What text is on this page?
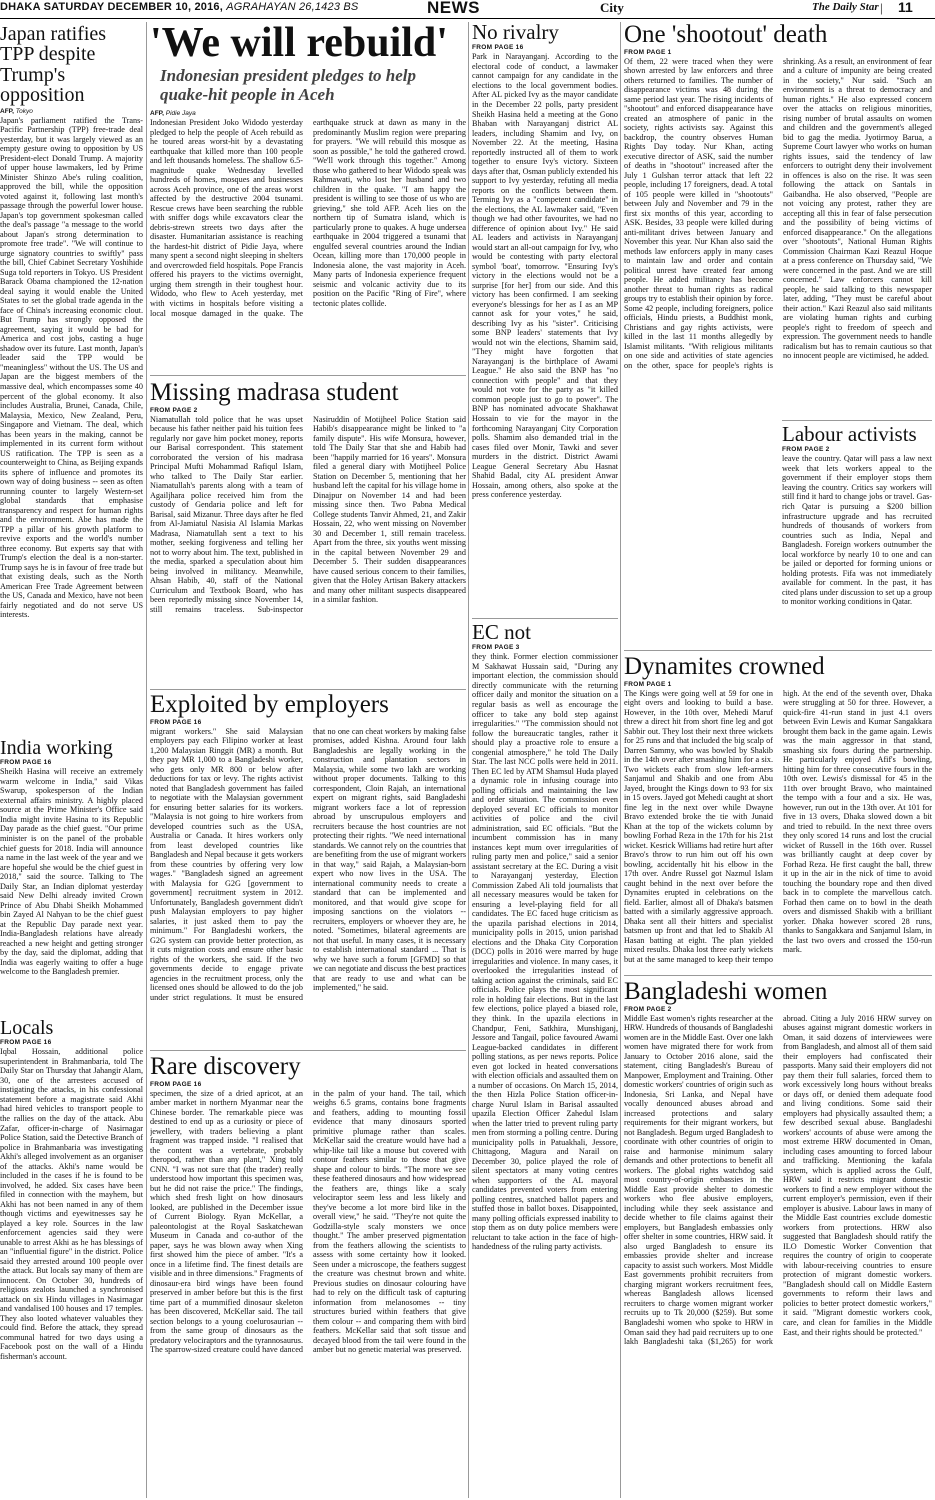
DHAKA SATURDAY DECEMBER 10, 2016, AGRAHAYAN 26,1423 BS	NEWS	City	The Daily Star | 11
Japan ratifies TPP despite Trump's opposition
AFP, Tokyo
Japan's parliament ratified the Trans-Pacific Partnership (TPP) free-trade deal yesterday, but it was largely viewed as an empty gesture owing to opposition by US President-elect Donald Trump. A majority of upper house lawmakers, led by Prime Minister Shinzo Abe's ruling coalition, approved the bill, while the opposition voted against it, following last month's passage through the powerful lower house. Japan's top government spokesman called the deal's passage "a message to the world about Japan's strong determination to promote free trade". "We will continue to urge signatory countries to swiftly" pass the bill, Chief Cabinet Secretary Yoshihide Suga told reporters in Tokyo. US President Barack Obama championed the 12-nation deal saying it would enable the United States to set the global trade agenda in the face of China's increasing economic clout. But Trump has strongly opposed the agreement, saying it would be bad for America and cost jobs, casting a huge shadow over its future. Last month, Japan's leader said the TPP would be "meaningless" without the US. The US and Japan are the biggest members of the massive deal, which encompasses some 40 percent of the global economy. It also includes Australia, Brunei, Canada, Chile, Malaysia, Mexico, New Zealand, Peru, Singapore and Vietnam. The deal, which has been years in the making, cannot be implemented in its current form without US ratification. The TPP is seen as a counterweight to China, as Beijing expands its sphere of influence and promotes its own way of doing business -- seen as often running counter to largely Western-set global standards that emphasise transparency and respect for human rights and the environment. Abe has made the TPP a pillar of his growth platform to revive exports and the world's number three economy. But experts say that with Trump's election the deal is a non-starter. Trump says he is in favour of free trade but that existing deals, such as the North American Free Trade Agreement between the US, Canada and Mexico, have not been fairly negotiated and do not serve US interests.
India working
FROM PAGE 16
Sheikh Hasina will receive an extremely warm welcome in India," said Vikas Swarup, spokesperson of the Indian external affairs ministry. A highly placed source at the Prime Minister's Office said India might invite Hasina to its Republic Day parade as the chief guest. "Our prime minister is on the panel of the probable chief guests for 2018. India will announce a name in the last week of the year and we are hopeful she would be the chief guest in 2018," said the source. Talking to The Daily Star, an Indian diplomat yesterday said New Delhi already invited Crown Prince of Abu Dhabi Sheikh Mohammed bin Zayed Al Nahyan to be the chief guest at the Republic Day parade next year. India-Bangladesh relations have already reached a new height and getting stronger by the day, said the diplomat, adding that India was eagerly waiting to offer a huge welcome to the Bangladesh premier.
Locals
FROM PAGE 16
Iqbal Hossain, additional police superintendent in Brahmanbaria, told The Daily Star on Thursday that Jahangir Alam, 30, one of the arrestees accused of instigating the attacks, in his confessional statement before a magistrate said Akhi had hired vehicles to transport people to the rallies on the day of the attack. Abu Zafar, officer-in-charge of Nasirnagar Police Station, said the Detective Branch of police in Brahmanbaria was investigating Akhi's alleged involvement as an organiser of the attacks. Akhi's name would be included in the cases if he is found to be involved, he added. Six cases have been filed in connection with the mayhem, but Akhi has not been named in any of them though victims and eyewitnesses say he played a key role. Sources in the law enforcement agencies said they were unable to arrest Akhi as he has blessings of an "influential figure" in the district. Police said they arrested around 100 people over the attack. But locals say many of them are innocent. On October 30, hundreds of religious zealots launched a synchronised attack on six Hindu villages in Nasirnagar and vandalised 100 houses and 17 temples. They also looted whatever valuables they could find. Before the attack, they spread communal hatred for two days using a Facebook post on the wall of a Hindu fisherman's account.
'We will rebuild'
Indonesian president pledges to help quake-hit people in Aceh
AFP, Pidie Jaya
Indonesian President Joko Widodo yesterday pledged to help the people of Aceh rebuild as he toured areas worst-hit by a devastating earthquake that killed more than 100 people and left thousands homeless. The shallow 6.5-magnitude quake Wednesday levelled hundreds of homes, mosques and businesses across Aceh province, one of the areas worst affected by the destructive 2004 tsunami. Rescue crews have been searching the rubble with sniffer dogs while excavators clear the debris-strewn streets two days after the disaster. Humanitarian assistance is reaching the hardest-hit district of Pidie Jaya, where many spent a second night sleeping in shelters and overcrowded field hospitals. Pope Francis offered his prayers to the victims overnight, urging them strength in their toughest hour. Widodo, who flew to Aceh yesterday, met with victims in hospitals before visiting a local mosque damaged in the quake. The earthquake struck at dawn as many in the predominantly Muslim region were preparing for prayers. "We will rebuild this mosque as soon as possible," he told the gathered crowd. "We'll work through this together." Among those who gathered to hear Widodo speak was Rahmawati, who lost her husband and two children in the quake. "I am happy the president is willing to see those of us who are grieving," she told AFP. Aceh lies on the northern tip of Sumatra island, which is particularly prone to quakes. A huge undersea earthquake in 2004 triggered a tsunami that engulfed several countries around the Indian Ocean, killing more than 170,000 people in Indonesia alone, the vast majority in Aceh. Many parts of Indonesia experience frequent seismic and volcanic activity due to its position on the Pacific "Ring of Fire", where tectonic plates collide.
Missing madrasa student
FROM PAGE 2
Niamatullah told police that he was upset because his father neither paid his tuition fees regularly nor gave him pocket money, reports our Barisal correspondent. This statement corroborated the version of his madrasa Principal Mufti Mohammad Rafiqul Islam, who talked to The Daily Star earlier. Niamatullah's parents along with a team of Agailjhara police received him from the custody of Gendaria police and left for Barisal, said Mizanur. Three days after he fled from Al-Jamiatul Nasisia Al Islamia Markas Madrasa, Niamatullah sent a text to his mother, seeking forgiveness and telling her not to worry about him. The text, published in the media, sparked a speculation about him being involved in militancy. Meanwhile, Ahsan Habib, 40, staff of the National Curriculum and Textbook Board, who has been reportedly missing since November 14, still remains traceless. Sub-inspector Nasiruddin of Motijheel Police Station said Habib's disappearance might be linked to "a family dispute". His wife Monsura, however, told The Daily Star that she and Habib had been "happily married for 16 years". Monsura filed a general diary with Motijheel Police Station on December 5, mentioning that her husband left the capital for his village home in Dinajpur on November 14 and had been missing since then. Two Pabna Medical College students Tanvir Ahmed, 21, and Zakir Hossain, 22, who went missing on November 30 and December 1, still remain traceless. Apart from the three, six youths went missing in the capital between November 29 and December 5. Their sudden disappearances have caused serious concern to their families, given that the Holey Artisan Bakery attackers and many other militant suspects disappeared in a similar fashion.
Exploited by employers
FROM PAGE 16
migrant workers." She said Malaysian employers pay each Filipino worker at least 1,200 Malaysian Ringgit (MR) a month. But they pay MR 1,000 to a Bangladeshi worker, who gets only MR 800 or below after deductions for tax or levy. The rights activist noted that Bangladesh government has failed to negotiate with the Malaysian government for ensuring better salaries for its workers. "Malaysia is not going to hire workers from developed countries such as the USA, Australia or Canada. It hires workers only from least developed countries like Bangladesh and Nepal because it gets workers from these countries by offering very low wages." "Bangladesh signed an agreement with Malaysia for G2G [government to government] recruitment system in 2012. Unfortunately, Bangladesh government didn't push Malaysian employers to pay higher salaries, it just asked them to pay the minimum." For Bangladeshi workers, the G2G system can provide better protection, as it cuts migration costs and ensure other basic rights of the workers, she said. If the two governments decide to engage private agencies in the recruitment process, only the licensed ones should be allowed to do the job under strict regulations. It must be ensured that no one can cheat workers by making false promises, added Kishna. Around four lakh Bangladeshis are legally working in the construction and plantation sectors in Malaysia, while some two lakh are working without proper documents. Talking to this correspondent, Cloin Rajah, an international expert on migrant rights, said Bangladeshi migrant workers face a lot of repression abroad by unscrupulous employers and recruiters because the host countries are not protecting their rights. "We need international standards. We cannot rely on the countries that are benefiting from the use of migrant workers in that way," said Rajah, a Malaysian-born expert who now lives in the USA. The international community needs to create a standard that can be implemented and monitored, and that would give scope for imposing sanctions on the violators -- recruiters, employers or whoever they are, he noted. "Sometimes, bilateral agreements are not that useful. In many cases, it is necessary to establish international standard ... That is why we have such a forum [GFMD] so that we can negotiate and discuss the best practices that are ready to use and what can be implemented," he said.
Rare discovery
FROM PAGE 16
specimen, the size of a dried apricot, at an amber market in northern Myanmar near the Chinese border. The remarkable piece was destined to end up as a curiosity or piece of jewellery, with traders believing a plant fragment was trapped inside. "I realised that the content was a vertebrate, probably theropod, rather than any plant," Xing told CNN. "I was not sure that (the trader) really understood how important this specimen was, but he did not raise the price." The findings, which shed fresh light on how dinosaurs looked, are published in the December issue of Current Biology. Ryan McKellar, a paleontologist at the Royal Saskatchewan Museum in Canada and co-author of the paper, says he was blown away when Xing first showed him the piece of amber. "It's a once in a lifetime find. The finest details are visible and in three dimensions." Fragments of dinosaur-era bird wings have been found preserved in amber before but this is the first time part of a mummified dinosaur skeleton has been discovered, McKellar said. The tail section belongs to a young coelurosaurian -- from the same group of dinosaurs as the predatory velociraptors and the tyrannosaurus. The sparrow-sized creature could have danced in the palm of your hand. The tail, which weighs 6.5 grams, contains bone fragments and feathers, adding to mounting fossil evidence that many dinosaurs sported primitive plumage rather than scales. McKellar said the creature would have had a whip-like tail like a mouse but covered with contour feathers similar to those that give shape and colour to birds. "The more we see these feathered dinosaurs and how widespread the feathers are, things like a scaly velociraptor seem less and less likely and they've become a lot more bird like in the overall view," he said. "They're not quite the Godzilla-style scaly monsters we once thought." The amber preserved pigmentation from the feathers allowing the scientists to assess with some certainty how it looked. Seen under a microscope, the feathers suggest the creature was chestnut brown and white. Previous studies on dinosaur colouring have had to rely on the difficult task of capturing information from melanosomes -- tiny structures buried within feathers that give them colour -- and comparing them with bird feathers. McKellar said that soft tissue and decayed blood from the tail were found in the amber but no genetic material was preserved.
No rivalry
FROM PAGE 16
Park in Narayanganj. According to the electoral code of conduct, a lawmaker cannot campaign for any candidate in the elections to the local government bodies. After AL picked Ivy as the mayor candidate in the December 22 polls, party president Sheikh Hasina held a meeting at the Gono Bhaban with Narayanganj district AL leaders, including Shamim and Ivy, on November 22. At the meeting, Hasina reportedly instructed all of them to work together to ensure Ivy's victory. Sixteen days after that, Osman publicly extended his support to Ivy yesterday, refuting all media reports on the conflicts between them. Terming Ivy as a "competent candidate" in the elections, the AL lawmaker said, "Even though we had other favourites, we had no difference of opinion about Ivy." He said AL leaders and activists in Narayanganj would start an all-out campaign for Ivy, who would be contesting with party electoral symbol 'boat', tomorrow. "Ensuring Ivy's victory in the elections would not be a surprise [for her] from our side. And this victory has been confirmed. I am seeking everyone's blessings for her as I as an MP cannot ask for your votes," he said, describing Ivy as his "sister". Criticising some BNP leaders' statements that Ivy would not win the elections, Shamim said, "They might have forgotten that Narayanganj is the birthplace of Awami League." He also said the BNP has "no connection with people" and that they would not vote for the party as "it killed common people just to go to power". The BNP has nominated advocate Shakhawat Hossain to vie for the mayor in the forthcoming Narayanganj City Corporation polls. Shamim also demanded trial in the cases filed over Monir, Tawki and sever murders in the district. District Awami League General Secretary Abu Hasnat Shahid Badal, city AL president Anwar Hossain, among others, also spoke at the press conference yesterday.
EC not
FROM PAGE 3
they think. Former election commissioner M Sakhawat Hussain said, "During any important election, the commission should directly communicate with the returning officer daily and monitor the situation on a regular basis as well as encourage the officer to take any bold step against irregularities." "The commission should not follow the bureaucratic tangles, rather it should play a proactive role to ensure a congenial atmosphere," he told The Daily Star. The last NCC polls were held in 2011. Then EC led by ATM Shamsul Huda played a dynamic role in infusing courage into polling officials and maintaining the law and order situation. The commission even deployed several EC officials to monitor activities of police and the civil administration, said EC officials. "But the incumbent commission has in many instances kept mum over irregularities of ruling party men and police," said a senior assistant secretary at the EC. During a visit to Narayanganj yesterday, Election Commission Zabed Ali told journalists that all necessary measures would be taken for ensuring a level-playing field for all candidates. The EC faced huge criticism as the upazila parishad elections in 2014, municipality polls in 2015, union parishad elections and the Dhaka City Corporation (DCC) polls in 2016 were marred by huge irregularities and violence. In many cases, it overlooked the irregularities instead of taking action against the criminals, said EC officials. Police plays the most significant role in holding fair elections. But in the last few elections, police played a biased role, they think. In the upazila elections in Chandpur, Feni, Satkhira, Munshiganj, Jessore and Tangail, police favoured Awami League-backed candidates in different polling stations, as per news reports. Police even got locked in heated conversations with election officials and assaulted them on a number of occasions. On March 15, 2014, the then Hizla Police Station officer-in-charge Nurul Islam in Barisal assaulted upazila Election Officer Zahedul Islam when the latter tried to prevent ruling party men from storming a polling centre. During municipality polls in Patuakhali, Jessore, Chittagong, Magura and Narail on December 30, police played the role of silent spectators at many voting centres when supporters of the AL mayoral candidates prevented voters from entering polling centres, snatched ballot papers and stuffed those in ballot boxes. Disappointed, many polling officials expressed inability to stop them as on duty police members were reluctant to take action in the face of high-handedness of the ruling party activists.
One 'shootout' death
FROM PAGE 1
Of them, 22 were traced when they were shown arrested by law enforcers and three others returned to families. The number of disappearance victims was 48 during the same period last year. The rising incidents of "shootout" and enforced disappearance have created an atmosphere of panic in the society, rights activists say. Against this backdrop, the country observes Human Rights Day today. Nur Khan, acting executive director of ASK, said the number of deaths in "shootout" increased after the July 1 Gulshan terror attack that left 22 people, including 17 foreigners, dead. A total of 105 people were killed in "shootouts" between July and November and 79 in the first six months of this year, according to ASK. Besides, 33 people were killed during anti-militant drives between January and November this year. Nur Khan also said the methods law enforcers apply in many cases to maintain law and order and contain political unrest have created fear among people. He added militancy has become another threat to human rights as radical groups try to establish their opinion by force. Some 42 people, including foreigners, police officials, Hindu priests, a Buddhist monk, Christians and gay rights activists, were killed in the last 11 months allegedly by Islamist militants. "With religious militants on one side and activities of state agencies on the other, space for people's rights is shrinking. As a result, an environment of fear and a culture of impunity are being created in the society," Nur said. "Such an environment is a threat to democracy and human rights." He also expressed concern over the attacks on religious minorities, rising number of brutal assaults on women and children and the government's alleged bid to gag the media. Jyotirmoy Barua, a Supreme Court lawyer who works on human rights issues, said the tendency of law enforcers to outright deny their involvement in offences is also on the rise. It was seen following the attack on Santals in Gaibandha. He also observed, "People are not voicing any protest, rather they are accepting all this in fear of false persecution and the possibility of being victims of enforced disappearance." On the allegations over "shootouts", National Human Rights Commission Chairman Kazi Reazul Hoque at a press conference on Thursday said, "We were concerned in the past. And we are still concerned." Law enforcers cannot kill people, he said talking to this newspaper later, adding, "They must be careful about their action." Kazi Reazul also said militants are violating human rights and curbing people's right to freedom of speech and expression. The government needs to handle radicalism but has to remain cautious so that no innocent people are victimised, he added.
Labour activists
FROM PAGE 2
leave the country. Qatar will pass a law next week that lets workers appeal to the government if their employer stops them leaving the country. Critics say workers will still find it hard to change jobs or travel. Gas-rich Qatar is pursuing a $200 billion infrastructure upgrade and has recruited hundreds of thousands of workers from countries such as India, Nepal and Bangladesh. Foreign workers outnumber the local workforce by nearly 10 to one and can be jailed or deported for forming unions or holding protests. Fifa was not immediately available for comment. In the past, it has cited plans under discussion to set up a group to monitor working conditions in Qatar.
Dynamites crowned
FROM PAGE 1
The Kings were going well at 59 for one in eight overs and looking to build a base. However, in the 10th over, Mehedi Maruf threw a direct hit from short fine leg and got Sabbir out. They lost their next three wickets for 25 runs and that included the big scalp of Darren Sammy, who was bowled by Shakib in the 14th over after smashing him for a six. Two wickets each from slow left-armers Sanjamul and Shakib and one from Abu Jayed, brought the Kings down to 93 for six in 15 overs. Jayed got Mehedi caught at short fine leg in the next over while Dwayne Bravo extended broke the tie with Junaid Khan at the top of the wickets column by bowling Forhad Reza in the 17th for his 21st wicket. Kesrick Williams had retire hurt after Bravo's throw to run him out off his own bowling, accidentally hit his elbow in the 17th over. Andre Russel got Nazmul Islam caught behind in the next over before the Dynamites erupted in celebrations on the field. Earlier, almost all of Dhaka's batsmen batted with a similarly aggressive approach. Dhaka sent all their hitters and specialist batsmen up front and that led to Shakib Al Hasan batting at eight. The plan yielded mixed results. Dhaka lost three early wickets but at the same managed to keep their tempo high. At the end of the seventh over, Dhaka were struggling at 50 for three. However, a quick-fire 41-run stand in just 4.1 overs between Evin Lewis and Kumar Sangakkara brought them back in the game again. Lewis was the main aggressor in that stand, smashing six fours during the partnership. He particularly enjoyed Afif's bowling, hitting him for three consecutive fours in the 10th over. Lewis's dismissal for 45 in the 11th over brought Bravo, who maintained the tempo with a four and a six. He was, however, run out in the 13th over. At 101 for five in 13 overs, Dhaka slowed down a bit and tried to rebuild. In the next three overs they only scored 14 runs and lost the crucial wicket of Russell in the 16th over. Russel was brilliantly caught at deep cover by Forhad Reza. He first caught the ball, threw it up in the air in the nick of time to avoid touching the boundary rope and then dived back in to complete the marvellous catch. Forhad then came on to bowl in the death overs and dismissed Shakib with a brilliant yorker. Dhaka however scored 28 runs, thanks to Sangakkara and Sanjamul Islam, in the last two overs and crossed the 150-run mark.
Bangladeshi women
FROM PAGE 2
Middle East women's rights researcher at the HRW. Hundreds of thousands of Bangladeshi women are in the Middle East. Over one lakh women have migrated there for work from January to October 2016 alone, said the statement, citing Bangladesh's Bureau of Manpower, Employment and Training. Other domestic workers' countries of origin such as Indonesia, Sri Lanka, and Nepal have vocally denounced abuses abroad and increased protections and salary requirements for their migrant workers, but not Bangladesh. Begum urged Bangladesh to coordinate with other countries of origin to raise and harmonise minimum salary demands and other protections to benefit all workers. The global rights watchdog said most country-of-origin embassies in the Middle East provide shelter to domestic workers who flee abusive employers, including while they seek assistance and decide whether to file claims against their employers, but Bangladesh embassies only offer shelter in some countries, HRW said. It also urged Bangladesh to ensure its embassies provide shelter and increase capacity to assist such workers. Most Middle East governments prohibit recruiters from charging migrant workers recruitment fees, whereas Bangladesh allows licensed recruiters to charge women migrant worker recruits up to Tk 20,000 ($259). But some Bangladeshi women who spoke to HRW in Oman said they had paid recruiters up to one lakh Bangladeshi taka ($1,265) for work abroad. Citing a July 2016 HRW survey on abuses against migrant domestic workers in Oman, it said dozens of interviewees were from Bangladesh, and almost all of them said their employers had confiscated their passports. Many said their employers did not pay them their full salaries, forced them to work excessively long hours without breaks or days off, or denied them adequate food and living conditions. Some said their employers had physically assaulted them; a few described sexual abuse. Bangladeshi workers' accounts of abuse were among the most extreme HRW documented in Oman, including cases amounting to forced labour and trafficking. Mentioning the kafala system, which is applied across the Gulf, HRW said it restricts migrant domestic workers to find a new employer without the current employer's permission, even if their employer is abusive. Labour laws in many of the Middle East countries exclude domestic workers from protections. HRW also suggested that Bangladesh should ratify the ILO Domestic Worker Convention that requires the country of origin to cooperate with labour-receiving countries to ensure protection of migrant domestic workers. "Bangladesh should call on Middle Eastern governments to reform their laws and policies to better protect domestic workers," it said. "Migrant domestic workers cook, care, and clean for families in the Middle East, and their rights should be protected."
